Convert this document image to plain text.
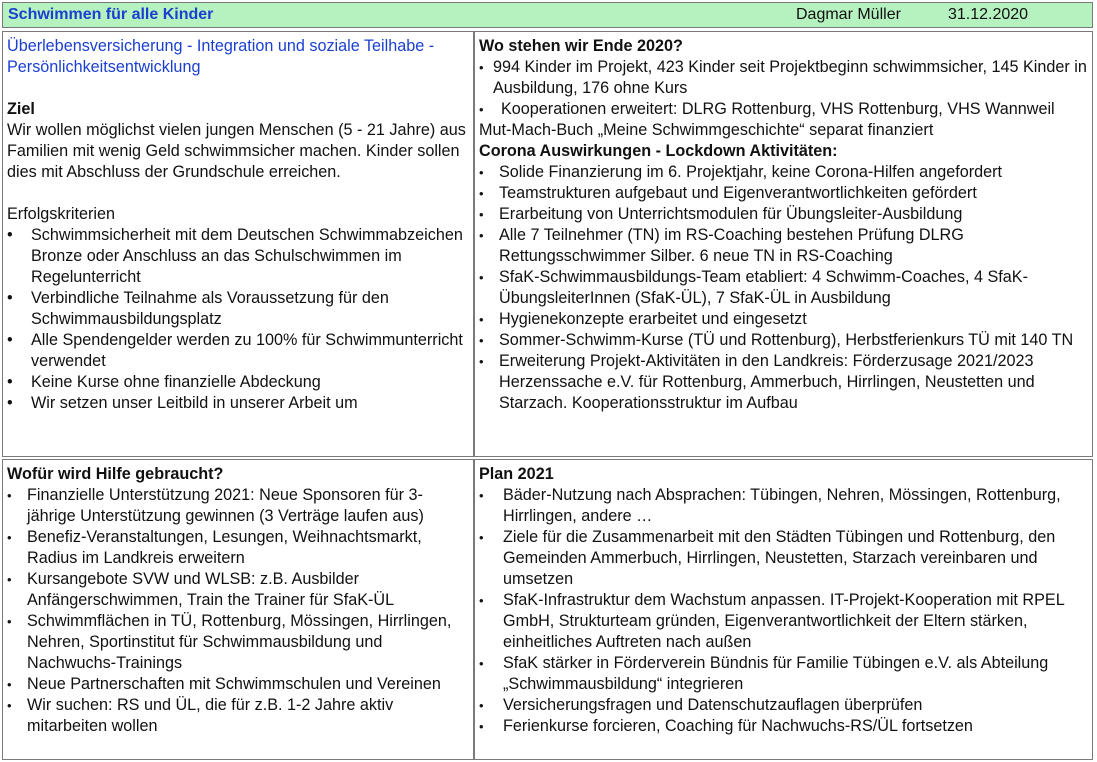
Schwimmen für alle Kinder	Dagmar Müller	31.12.2020

Überlebensversicherung - Integration und soziale Teilhabe - Persönlichkeitsentwicklung

Ziel

Wir wollen möglichst vielen jungen Menschen (5 - 21 Jahre) aus Familien mit wenig Geld schwimmsicher machen. Kinder sollen dies mit Abschluss der Grundschule erreichen.

Erfolgskriterien

• Schwimmsicherheit mit dem Deutschen Schwimmabzeichen Bronze oder Anschluss an das Schulschwimmen im Regelunterricht
• Verbindliche Teilnahme als Voraussetzung für den Schwimmausbildungsplatz
• Alle Spendengelder werden zu 100% für Schwimmunterricht verwendet
• Keine Kurse ohne finanzielle Abdeckung
• Wir setzen unser Leitbild in unserer Arbeit um

Wo stehen wir Ende 2020?

• 994 Kinder im Projekt, 423 Kinder seit Projektbeginn schwimmsicher, 145 Kinder in Ausbildung, 176 ohne Kurs
• Kooperationen erweitert: DLRG Rottenburg, VHS Rottenburg, VHS Wannweil

Mut-Mach-Buch „Meine Schwimmgeschichte“ separat finanziert

Corona Auswirkungen - Lockdown Aktivitäten:

• Solide Finanzierung im 6. Projektjahr, keine Corona-Hilfen angefordert
• Teamstrukturen aufgebaut und Eigenverantwortlichkeiten gefördert
• Erarbeitung von Unterrichtsmodulen für Übungsleiter-Ausbildung
• Alle 7 Teilnehmer (TN) im RS-Coaching bestehen Prüfung DLRG Rettungsschwimmer Silber. 6 neue TN in RS-Coaching
• SfaK-Schwimmausbildungs-Team etabliert: 4 Schwimm-Coaches, 4 SfaK-ÜbungsleiterInnen (SfaK-ÜL), 7 SfaK-ÜL in Ausbildung
• Hygienekonzepte erarbeitet und eingesetzt
• Sommer-Schwimm-Kurse (TÜ und Rottenburg), Herbstferienkurs TÜ mit 140 TN
• Erweiterung Projekt-Aktivitäten in den Landkreis: Förderzusage 2021/2023 Herzenssache e.V. für Rottenburg, Ammerbuch, Hirrlingen, Neustetten und Starzach. Kooperationsstruktur im Aufbau

Wofür wird Hilfe gebraucht?

• Finanzielle Unterstützung 2021: Neue Sponsoren für 3-jährige Unterstützung gewinnen (3 Verträge laufen aus)
• Benefiz-Veranstaltungen, Lesungen, Weihnachtsmarkt, Radius im Landkreis erweitern
• Kursangebote SVW und WLSB: z.B. Ausbilder Anfängerschwimmen, Train the Trainer für SfaK-ÜL
• Schwimmflächen in TÜ, Rottenburg, Mössingen, Hirrlingen, Nehren, Sportinstitut für Schwimmausbildung und Nachwuchs-Trainings
• Neue Partnerschaften mit Schwimmschulen und Vereinen
• Wir suchen: RS und ÜL, die für z.B. 1-2 Jahre aktiv mitarbeiten wollen

Plan 2021

• Bäder-Nutzung nach Absprachen: Tübingen, Nehren, Mössingen, Rottenburg, Hirrlingen, andere …
• Ziele für die Zusammenarbeit mit den Städten Tübingen und Rottenburg, den Gemeinden Ammerbuch, Hirrlingen, Neustetten, Starzach vereinbaren und umsetzen
• SfaK-Infrastruktur dem Wachstum anpassen. IT-Projekt-Kooperation mit RPEL GmbH, Strukturteam gründen, Eigenverantwortlichkeit der Eltern stärken, einheitliches Auftreten nach außen
• SfaK stärker in Förderverein Bündnis für Familie Tübingen e.V. als Abteilung „Schwimmausbildung“ integrieren
• Versicherungsfragen und Datenschutzauflagen überprüfen
• Ferienkurse forcieren, Coaching für Nachwuchs-RS/ÜL fortsetzen
